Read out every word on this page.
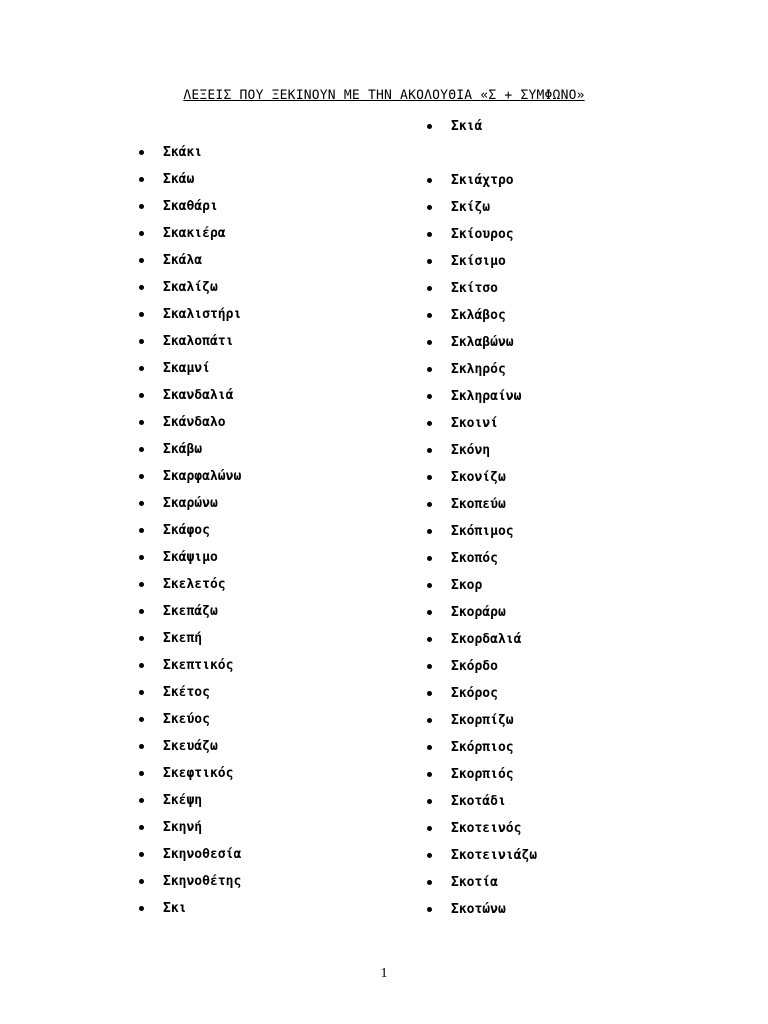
ΛΕΞΕΙΣ ΠΟΥ ΞΕΚΙΝΟΥΝ ΜΕ ΤΗΝ ΑΚΟΛΟΥΘΙΑ «Σ + ΣΥΜΦΩΝΟ»
Σκάκι
Σκάω
Σκαθάρι
Σκακιέρα
Σκάλα
Σκαλίζω
Σκαλιστήρι
Σκαλοπάτι
Σκαμνί
Σκανδαλιά
Σκάνδαλο
Σκάβω
Σκαρφαλώνω
Σκαρώνω
Σκάφος
Σκάψιμο
Σκελετός
Σκεπάζω
Σκεπή
Σκεπτικός
Σκέτος
Σκεύος
Σκευάζω
Σκεφτικός
Σκέψη
Σκηνή
Σκηνοθεσία
Σκηνοθέτης
Σκι
Σκιά
Σκιάχτρο
Σκίζω
Σκίουρος
Σκίσιμο
Σκίτσο
Σκλάβος
Σκλαβώνω
Σκληρός
Σκληραίνω
Σκοινί
Σκόνη
Σκονίζω
Σκοπεύω
Σκόπιμος
Σκοπός
Σκορ
Σκοράρω
Σκορδαλιά
Σκόρδο
Σκόρος
Σκορπίζω
Σκόρπιος
Σκορπιός
Σκοτάδι
Σκοτεινός
Σκοτεινιάζω
Σκοτία
Σκοτώνω
1
